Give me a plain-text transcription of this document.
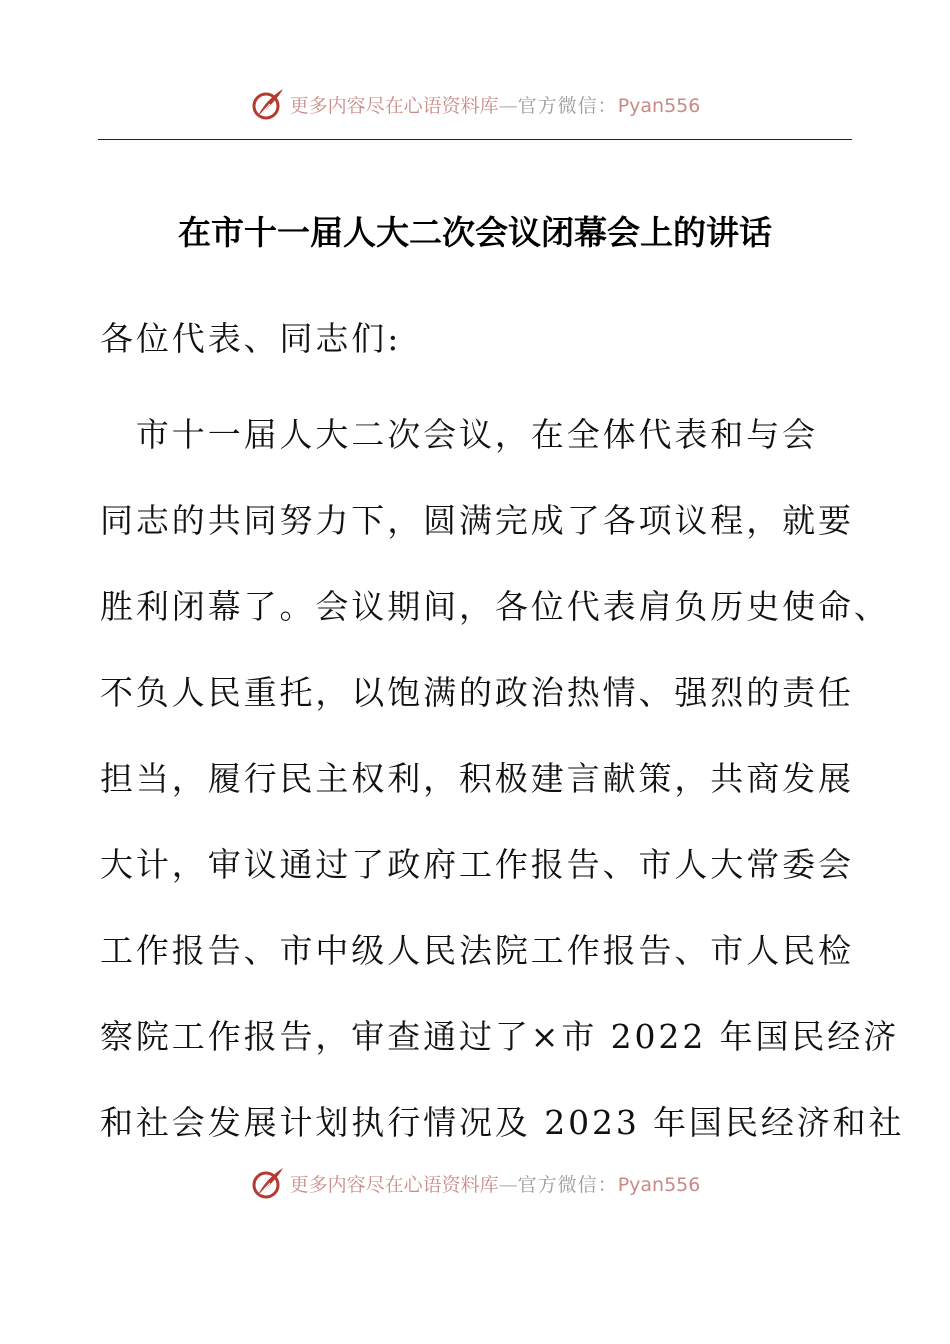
更多内容尽在心语资料库—官方微信：Pyan556
在市十一届人大二次会议闭幕会上的讲话

各位代表、同志们:

　市十一届人大二次会议，在全体代表和与会

同志的共同努力下，圆满完成了各项议程，就要

胜利闭幕了。会议期间，各位代表肩负历史使命、

不负人民重托，以饱满的政治热情、强烈的责任

担当，履行民主权利，积极建言献策，共商发展

大计，审议通过了政府工作报告、市人大常委会

工作报告、市中级人民法院工作报告、市人民检

察院工作报告，审查通过了×市 2022 年国民经济

和社会发展计划执行情况及 2023 年国民经济和社

更多内容尽在心语资料库—官方微信：Pyan556
